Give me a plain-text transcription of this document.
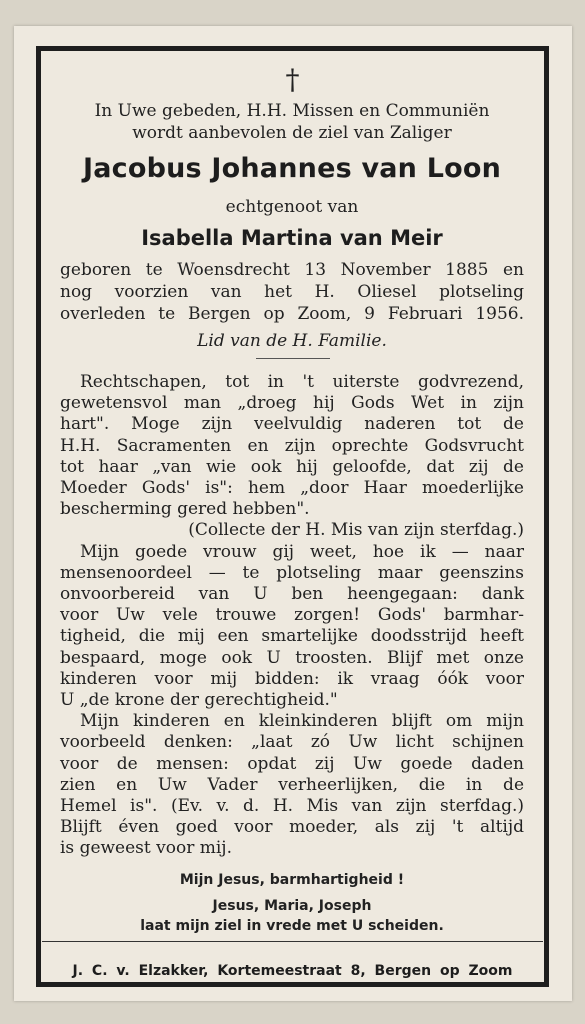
†

In Uwe gebeden, H.H. Missen en Communiën

wordt aanbevolen de ziel van Zaliger

Jacobus Johannes van Loon

echtgenoot van

Isabella Martina van Meir

geboren te Woensdrecht 13 November 1885 en

nog voorzien van het H. Oliesel plotseling

overleden te Bergen op Zoom, 9 Februari 1956.

Lid van de H. Familie.

Rechtschapen, tot in 't uiterste godvrezend,

gewetensvol man „droeg hij Gods Wet in zijn

hart". Moge zijn veelvuldig naderen tot de

H.H. Sacramenten en zijn oprechte Godsvrucht

tot haar „van wie ook hij geloofde, dat zij de

Moeder Gods' is": hem „door Haar moederlijke

bescherming gered hebben".

(Collecte der H. Mis van zijn sterfdag.)

Mijn goede vrouw gij weet, hoe ik — naar

mensenoordeel — te plotseling maar geenszins

onvoorbereid van U ben heengegaan: dank

voor Uw vele trouwe zorgen! Gods' barmhar-

tigheid, die mij een smartelijke doodsstrijd heeft

bespaard, moge ook U troosten. Blijf met onze

kinderen voor mij bidden: ik vraag óók voor

U „de krone der gerechtigheid."

Mijn kinderen en kleinkinderen blijft om mijn

voorbeeld denken: „laat zó Uw licht schijnen

voor de mensen: opdat zij Uw goede daden

zien en Uw Vader verheerlijken, die in de

Hemel is". (Ev. v. d. H. Mis van zijn sterfdag.)

Blijft éven goed voor moeder, als zij 't altijd

is geweest voor mij.

J. C. v. Elzakker, Kortemeestraat 8, Bergen op Zoom

Mijn Jesus, barmhartigheid !

Jesus, Maria, Joseph

laat mijn ziel in vrede met U scheiden.
